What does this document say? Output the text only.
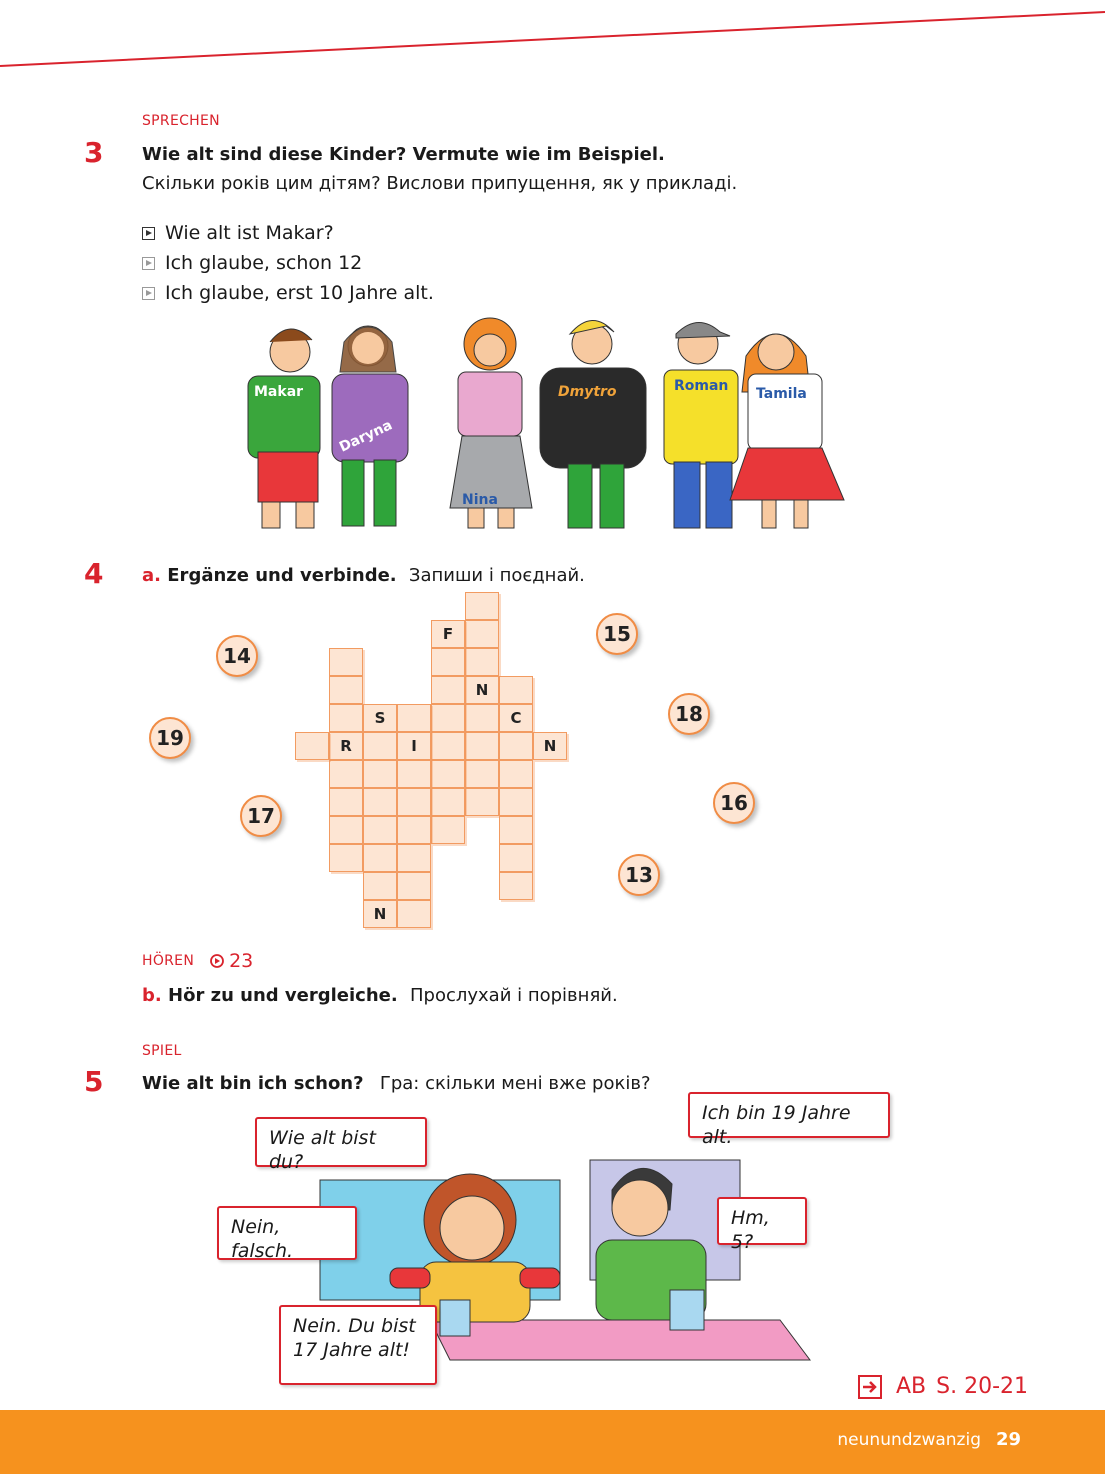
SPRECHEN
3 Wie alt sind diese Kinder? Vermute wie im Beispiel.
Скільки років цим дітям? Вислови припущення, як у прикладі.
Wie alt ist Makar?
Ich glaube, schon 12
Ich glaube, erst 10 Jahre alt.
Makar
Daryna
Nina
Dmytro	Roman Tamila
4 a. Ergänze und verbinde. Запиши і поєднай.
N
F
R
C
S
N
I	N
14
15
19
18
17
16
13
HÖREN 23
b. Hör zu und vergleiche. Прослухай і порівняй.
SPIEL
5 Wie alt bin ich schon? Гра: скільки мені вже років?
Wie alt bist du?
Ich bin 19 Jahre alt.
Hm, 5?
Nein, falsch.
Nein. Du bist
17 Jahre alt!
AB S. 20-21
neunundzwanzig 29
